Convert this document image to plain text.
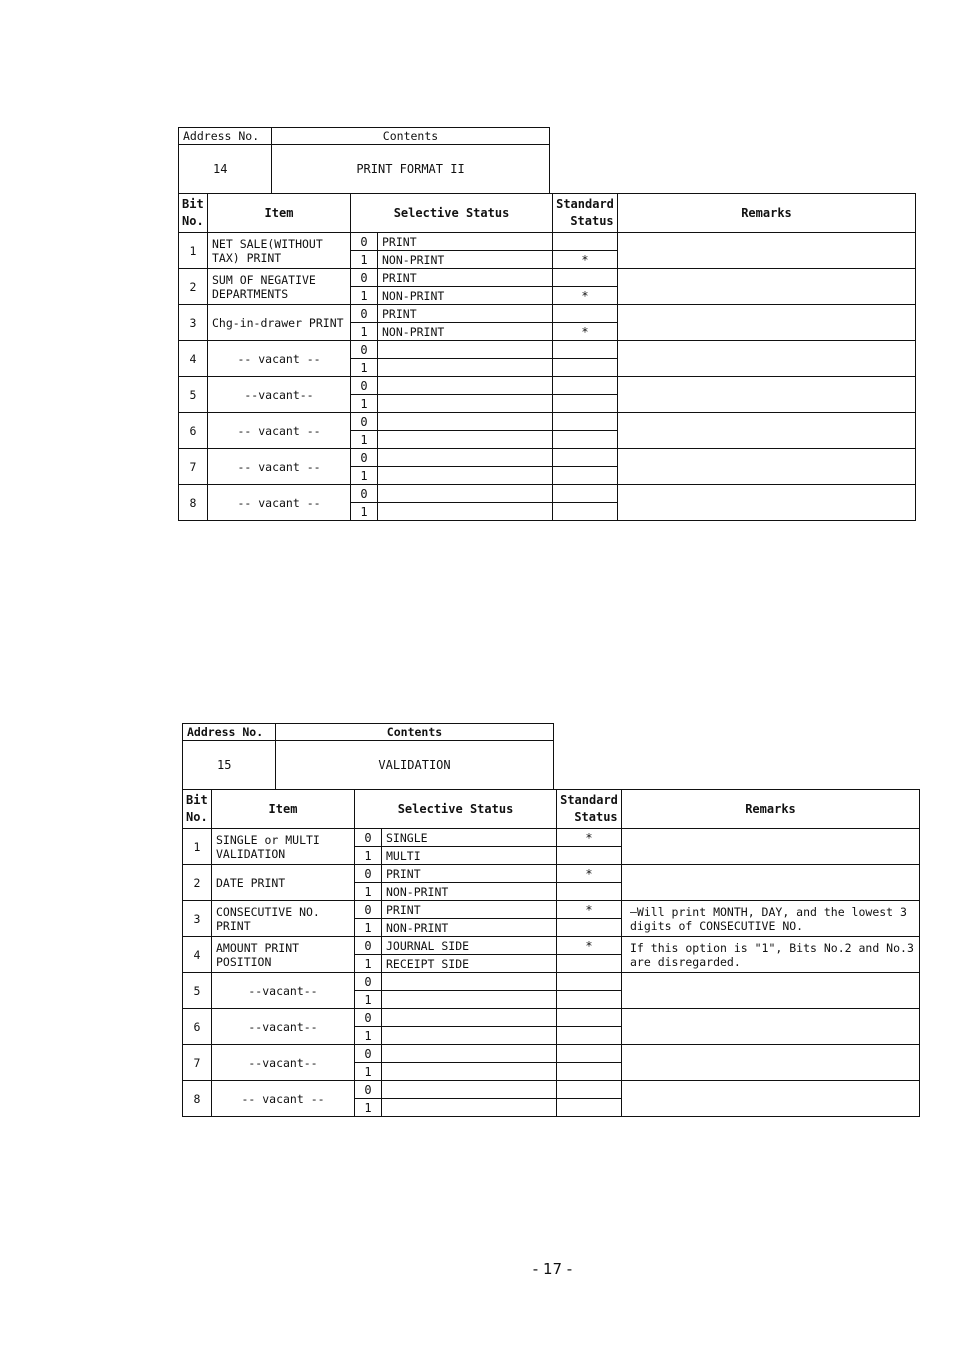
Address No.	Contents
14	PRINT FORMAT II
Bit
No.	Item	Selective Status		Standard
Status	Remarks
1	NET SALE(WITHOUT TAX) PRINT	0	PRINT		
		1	NON-PRINT	*	
2	SUM OF NEGATIVE DEPARTMENTS	0	PRINT		
		1	NON-PRINT	*	
3	Chg-in-drawer PRINT	0	PRINT		
		1	NON-PRINT	*	
4	-- vacant --	0			
		1			
5	--vacant--	0			
		1			
6	-- vacant --	0			
		1			
7	-- vacant --	0			
		1			
8	-- vacant --	0			
		1			
Address No.	Contents
15	VALIDATION
Bit
No.	Item	Selective Status		Standard
Status	Remarks
1	SINGLE or MULTI VALIDATION	0	SINGLE	*	
		1	MULTI		
2	DATE PRINT	0	PRINT	*	
		1	NON-PRINT		
3	CONSECUTIVE NO. PRINT	0	PRINT	*	—Will print MONTH, DAY, and the lowest 3 digits of CONSECUTIVE NO.
		1	NON-PRINT		
4	AMOUNT PRINT POSITION	0	JOURNAL SIDE	*	If this option is "1", Bits No.2 and No.3 are disregarded.
		1	RECEIPT SIDE		
5	--vacant--	0			
		1			
6	--vacant--	0			
		1			
7	--vacant--	0			
		1			
8	-- vacant --	0			
		1			
- 17 -
